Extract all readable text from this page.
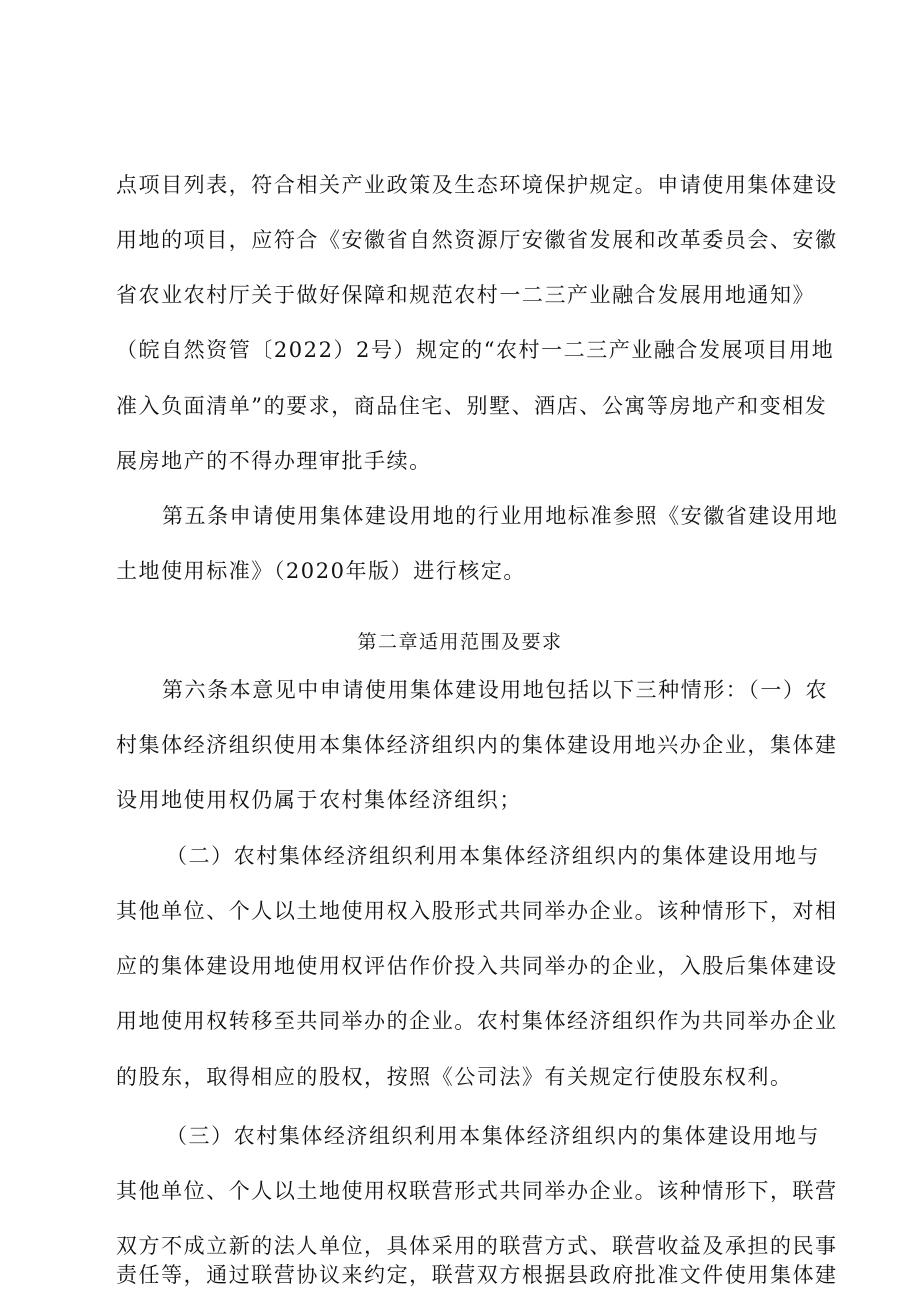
点项目列表，符合相关产业政策及生态环境保护规定。申请使用集体建设
用地的项目，应符合《安徽省自然资源厅安徽省发展和改革委员会、安徽
省农业农村厅关于做好保障和规范农村一二三产业融合发展用地通知》
（皖自然资管〔2022）2号）规定的“农村一二三产业融合发展项目用地
准入负面清单”的要求，商品住宅、别墅、酒店、公寓等房地产和变相发
展房地产的不得办理审批手续。
第五条申请使用集体建设用地的行业用地标准参照《安徽省建设用地
土地使用标准》（2020年版）进行核定。
第二章适用范围及要求
第六条本意见中申请使用集体建设用地包括以下三种情形：（一）农
村集体经济组织使用本集体经济组织内的集体建设用地兴办企业，集体建
设用地使用权仍属于农村集体经济组织；
（二）农村集体经济组织利用本集体经济组织内的集体建设用地与
其他单位、个人以土地使用权入股形式共同举办企业。该种情形下，对相
应的集体建设用地使用权评估作价投入共同举办的企业，入股后集体建设
用地使用权转移至共同举办的企业。农村集体经济组织作为共同举办企业
的股东，取得相应的股权，按照《公司法》有关规定行使股东权利。
（三）农村集体经济组织利用本集体经济组织内的集体建设用地与
其他单位、个人以土地使用权联营形式共同举办企业。该种情形下，联营
双方不成立新的法人单位，具体采用的联营方式、联营收益及承担的民事
责任等，通过联营协议来约定，联营双方根据县政府批准文件使用集体建
